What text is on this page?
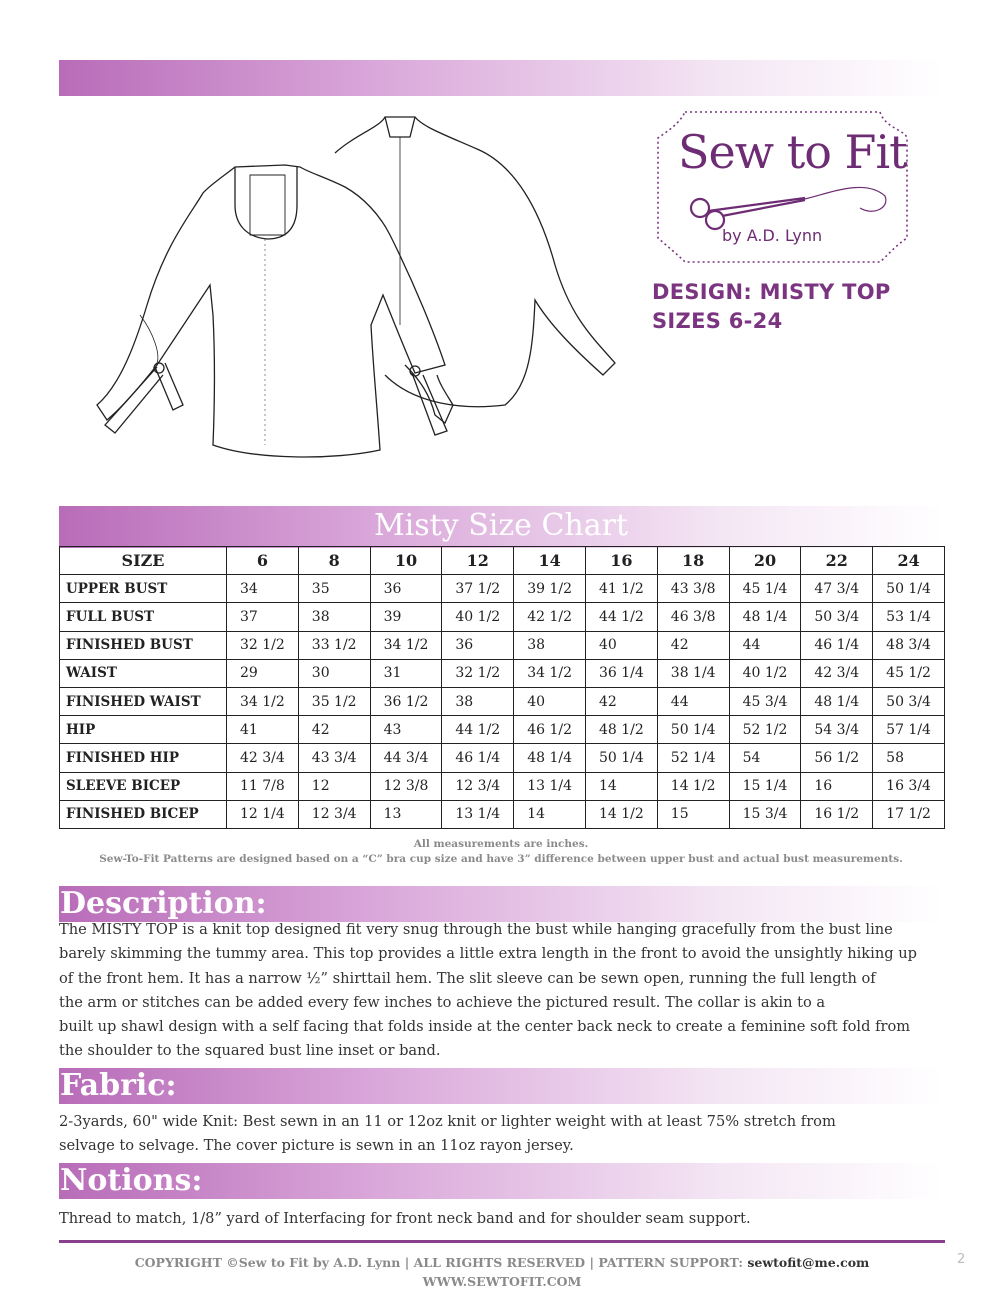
Sew to Fit
by A.D. Lynn
DESIGN: MISTY TOP
SIZES 6-24
Misty Size Chart
SIZE	6	8	10	12	14	16	18	20	22	24
UPPER BUST	34	35	36	37 1/2	39 1/2	41 1/2	43 3/8	45 1/4	47 3/4	50 1/4
FULL BUST	37	38	39	40 1/2	42 1/2	44 1/2	46 3/8	48 1/4	50 3/4	53 1/4
FINISHED BUST	32 1/2	33 1/2	34 1/2	36	38	40	42	44	46 1/4	48 3/4
WAIST	29	30	31	32 1/2	34 1/2	36 1/4	38 1/4	40 1/2	42 3/4	45 1/2
FINISHED WAIST	34 1/2	35 1/2	36 1/2	38	40	42	44	45 3/4	48 1/4	50 3/4
HIP	41	42	43	44 1/2	46 1/2	48 1/2	50 1/4	52 1/2	54 3/4	57 1/4
FINISHED HIP	42 3/4	43 3/4	44 3/4	46 1/4	48 1/4	50 1/4	52 1/4	54	56 1/2	58
SLEEVE BICEP	11 7/8	12	12 3/8	12 3/4	13 1/4	14	14 1/2	15 1/4	16	16 3/4
FINISHED BICEP	12 1/4	12 3/4	13	13 1/4	14	14 1/2	15	15 3/4	16 1/2	17 1/2
All measurements are inches.
Sew-To-Fit Patterns are designed based on a “C” bra cup size and have 3” difference between upper bust and actual bust measurements.
Description:
The MISTY TOP is a knit top designed fit very snug through the bust while hanging gracefully from the bust line
barely skimming the tummy area. This top provides a little extra length in the front to avoid the unsightly hiking up
of the front hem. It has a narrow ½” shirttail hem. The slit sleeve can be sewn open, running the full length of
the arm or stitches can be added every few inches to achieve the pictured result. The collar is akin to a
built up shawl design with a self facing that folds inside at the center back neck to create a feminine soft fold from
the shoulder to the squared bust line inset or band.
Fabric:
2-3yards, 60" wide Knit: Best sewn in an 11 or 12oz knit or lighter weight with at least 75% stretch from
selvage to selvage. The cover picture is sewn in an 11oz rayon jersey.
Notions:
Thread to match, 1/8” yard of Interfacing for front neck band and for shoulder seam support.
COPYRIGHT ©Sew to Fit by A.D. Lynn | ALL RIGHTS RESERVED | PATTERN SUPPORT: sewtofit@me.com
WWW.SEWTOFIT.COM
2
